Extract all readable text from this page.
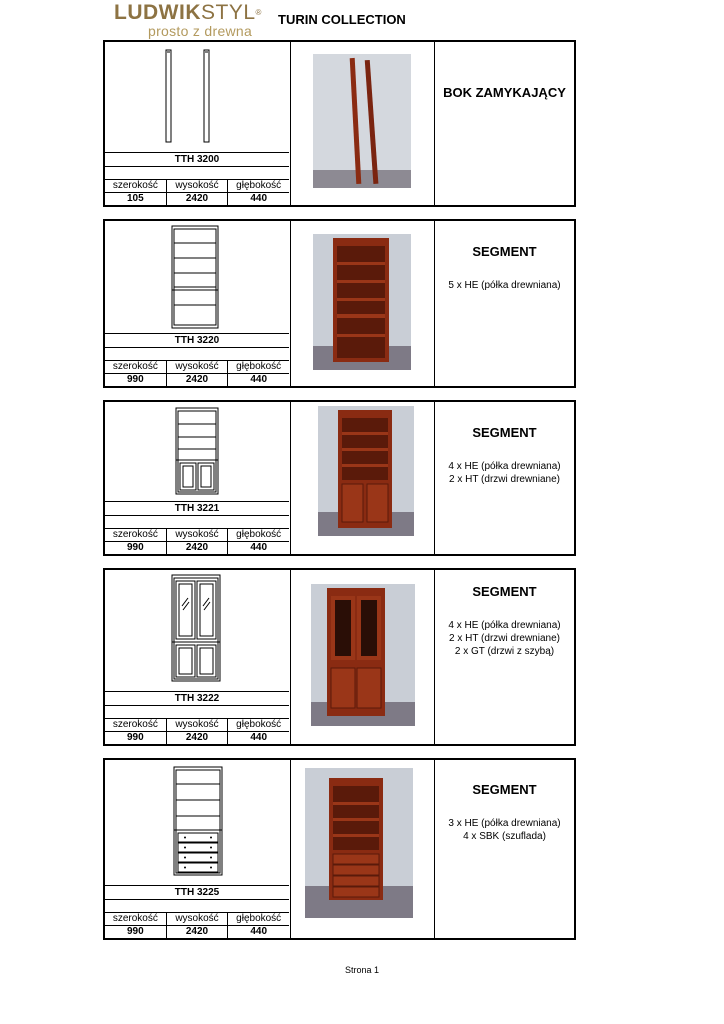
LUDWIKSTYL®
prosto z drewna
TURIN COLLECTION
TTH 3200
szerokość	wysokość	głębokość
105	2420	440
BOK ZAMYKAJĄCY
TTH 3220
szerokość	wysokość	głębokość
990	2420	440
SEGMENT
5 x HE (półka drewniana)
TTH 3221
szerokość	wysokość	głębokość
990	2420	440
SEGMENT
4 x HE (półka drewniana)
2 x HT (drzwi drewniane)
TTH 3222
szerokość	wysokość	głębokość
990	2420	440
SEGMENT
4 x HE (półka drewniana)
2 x HT (drzwi drewniane)
2 x GT (drzwi z szybą)
TTH 3225
szerokość	wysokość	głębokość
990	2420	440
SEGMENT
3 x HE (półka drewniana)
4 x SBK (szuflada)
Strona 1
